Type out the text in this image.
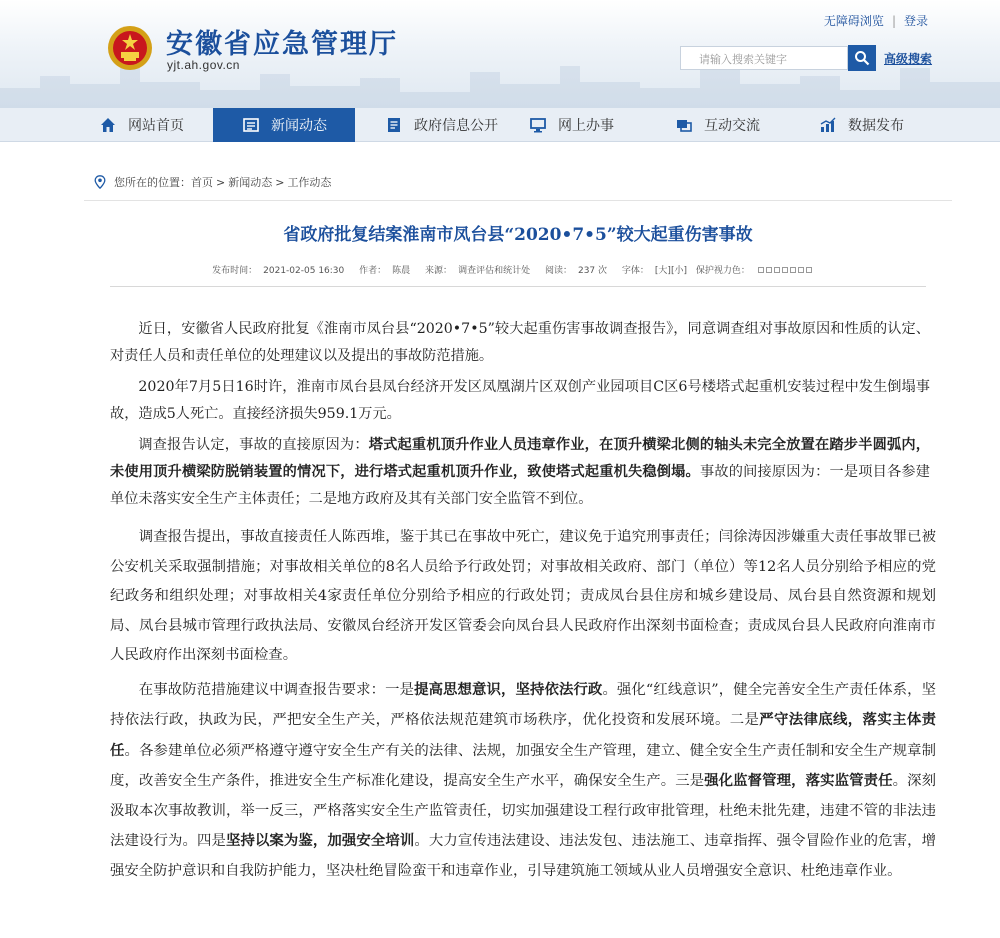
安徽省应急管理厅
yjt.ah.gov.cn
无障碍浏览 | 登录
请输入搜索关键字	高级搜索
网站首页	新闻动态	政府信息公开	网上办事	互动交流	数据发布
您所在的位置： 首页 > 新闻动态 > 工作动态
省政府批复结案淮南市凤台县“2020•7•5”较大起重伤害事故
发布时间： 2021-02-05 16:30 作者： 陈晨 来源： 调查评估和统计处 阅读： 237 次 字体： [大][小] 保护视力色：

近日，安徽省人民政府批复《淮南市凤台县“2020•7•5”较大起重伤害事故调查报告》，同意调查组对事故原因和性质的认定、对责任人员和责任单位的处理建议以及提出的事故防范措施。

2020年7月5日16时许，淮南市凤台县凤台经济开发区凤凰湖片区双创产业园项目C区6号楼塔式起重机安装过程中发生倒塌事故，造成5人死亡。直接经济损失959.1万元。

调查报告认定，事故的直接原因为：塔式起重机顶升作业人员违章作业，在顶升横梁北侧的轴头未完全放置在踏步半圆弧内，未使用顶升横梁防脱销装置的情况下，进行塔式起重机顶升作业，致使塔式起重机失稳倒塌。事故的间接原因为：一是项目各参建单位未落实安全生产主体责任；二是地方政府及其有关部门安全监管不到位。

调查报告提出，事故直接责任人陈西堆，鉴于其已在事故中死亡，建议免于追究刑事责任；闫徐涛因涉嫌重大责任事故罪已被公安机关采取强制措施；对事故相关单位的8名人员给予行政处罚；对事故相关政府、部门（单位）等12名人员分别给予相应的党纪政务和组织处理；对事故相关4家责任单位分别给予相应的行政处罚；责成凤台县住房和城乡建设局、凤台县自然资源和规划局、凤台县城市管理行政执法局、安徽凤台经济开发区管委会向凤台县人民政府作出深刻书面检查；责成凤台县人民政府向淮南市人民政府作出深刻书面检查。

在事故防范措施建议中调查报告要求：一是提高思想意识，坚持依法行政。强化“红线意识”，健全完善安全生产责任体系，坚持依法行政，执政为民，严把安全生产关，严格依法规范建筑市场秩序，优化投资和发展环境。二是严守法律底线，落实主体责任。各参建单位必须严格遵守遵守安全生产有关的法律、法规，加强安全生产管理，建立、健全安全生产责任制和安全生产规章制度，改善安全生产条件，推进安全生产标准化建设，提高安全生产水平，确保安全生产。三是强化监督管理，落实监管责任。深刻汲取本次事故教训，举一反三，严格落实安全生产监管责任，切实加强建设工程行政审批管理，杜绝未批先建，违建不管的非法违法建设行为。四是坚持以案为鉴，加强安全培训。大力宣传违法建设、违法发包、违法施工、违章指挥、强令冒险作业的危害，增强安全防护意识和自我防护能力，坚决杜绝冒险蛮干和违章作业，引导建筑施工领域从业人员增强安全意识、杜绝违章作业。
